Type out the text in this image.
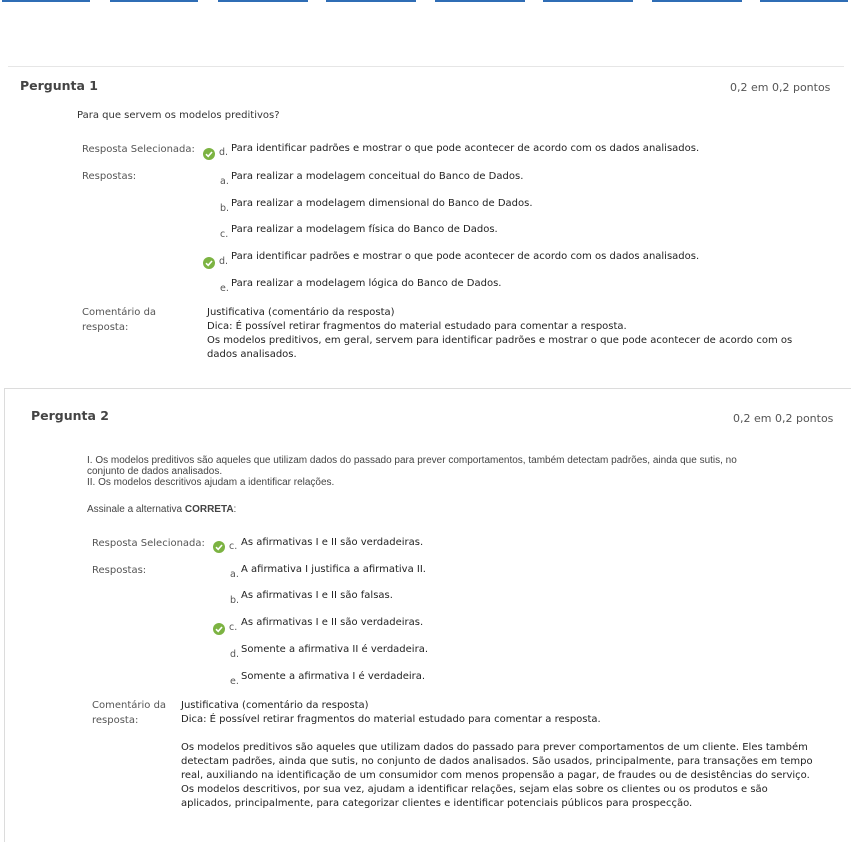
Pergunta 1	0,2 em 0,2 pontos
Para que servem os modelos preditivos?
Resposta Selecionada:	d. Para identificar padrões e mostrar o que pode acontecer de acordo com os dados analisados.
Respostas:	a. Para realizar a modelagem conceitual do Banco de Dados.
b. Para realizar a modelagem dimensional do Banco de Dados.
c. Para realizar a modelagem física do Banco de Dados.
d. Para identificar padrões e mostrar o que pode acontecer de acordo com os dados analisados.
e. Para realizar a modelagem lógica do Banco de Dados.
Comentário da
resposta:
Justificativa (comentário da resposta)
Dica: É possível retirar fragmentos do material estudado para comentar a resposta.
Os modelos preditivos, em geral, servem para identificar padrões e mostrar o que pode acontecer de acordo com os
dados analisados.
Pergunta 2	0,2 em 0,2 pontos
I. Os modelos preditivos são aqueles que utilizam dados do passado para prever comportamentos, também detectam padrões, ainda que sutis, no
conjunto de dados analisados.
II. Os modelos descritivos ajudam a identificar relações.
Assinale a alternativa CORRETA:
Resposta Selecionada:	c. As afirmativas I e II são verdadeiras.
Respostas:	a. A afirmativa I justifica a afirmativa II.
b. As afirmativas I e II são falsas.
c. As afirmativas I e II são verdadeiras.
d. Somente a afirmativa II é verdadeira.
e. Somente a afirmativa I é verdadeira.
Comentário da
resposta:
Justificativa (comentário da resposta)
Dica: É possível retirar fragmentos do material estudado para comentar a resposta.
Os modelos preditivos são aqueles que utilizam dados do passado para prever comportamentos de um cliente. Eles também
detectam padrões, ainda que sutis, no conjunto de dados analisados. São usados, principalmente, para transações em tempo
real, auxiliando na identificação de um consumidor com menos propensão a pagar, de fraudes ou de desistências do serviço.
Os modelos descritivos, por sua vez, ajudam a identificar relações, sejam elas sobre os clientes ou os produtos e são
aplicados, principalmente, para categorizar clientes e identificar potenciais públicos para prospecção.
